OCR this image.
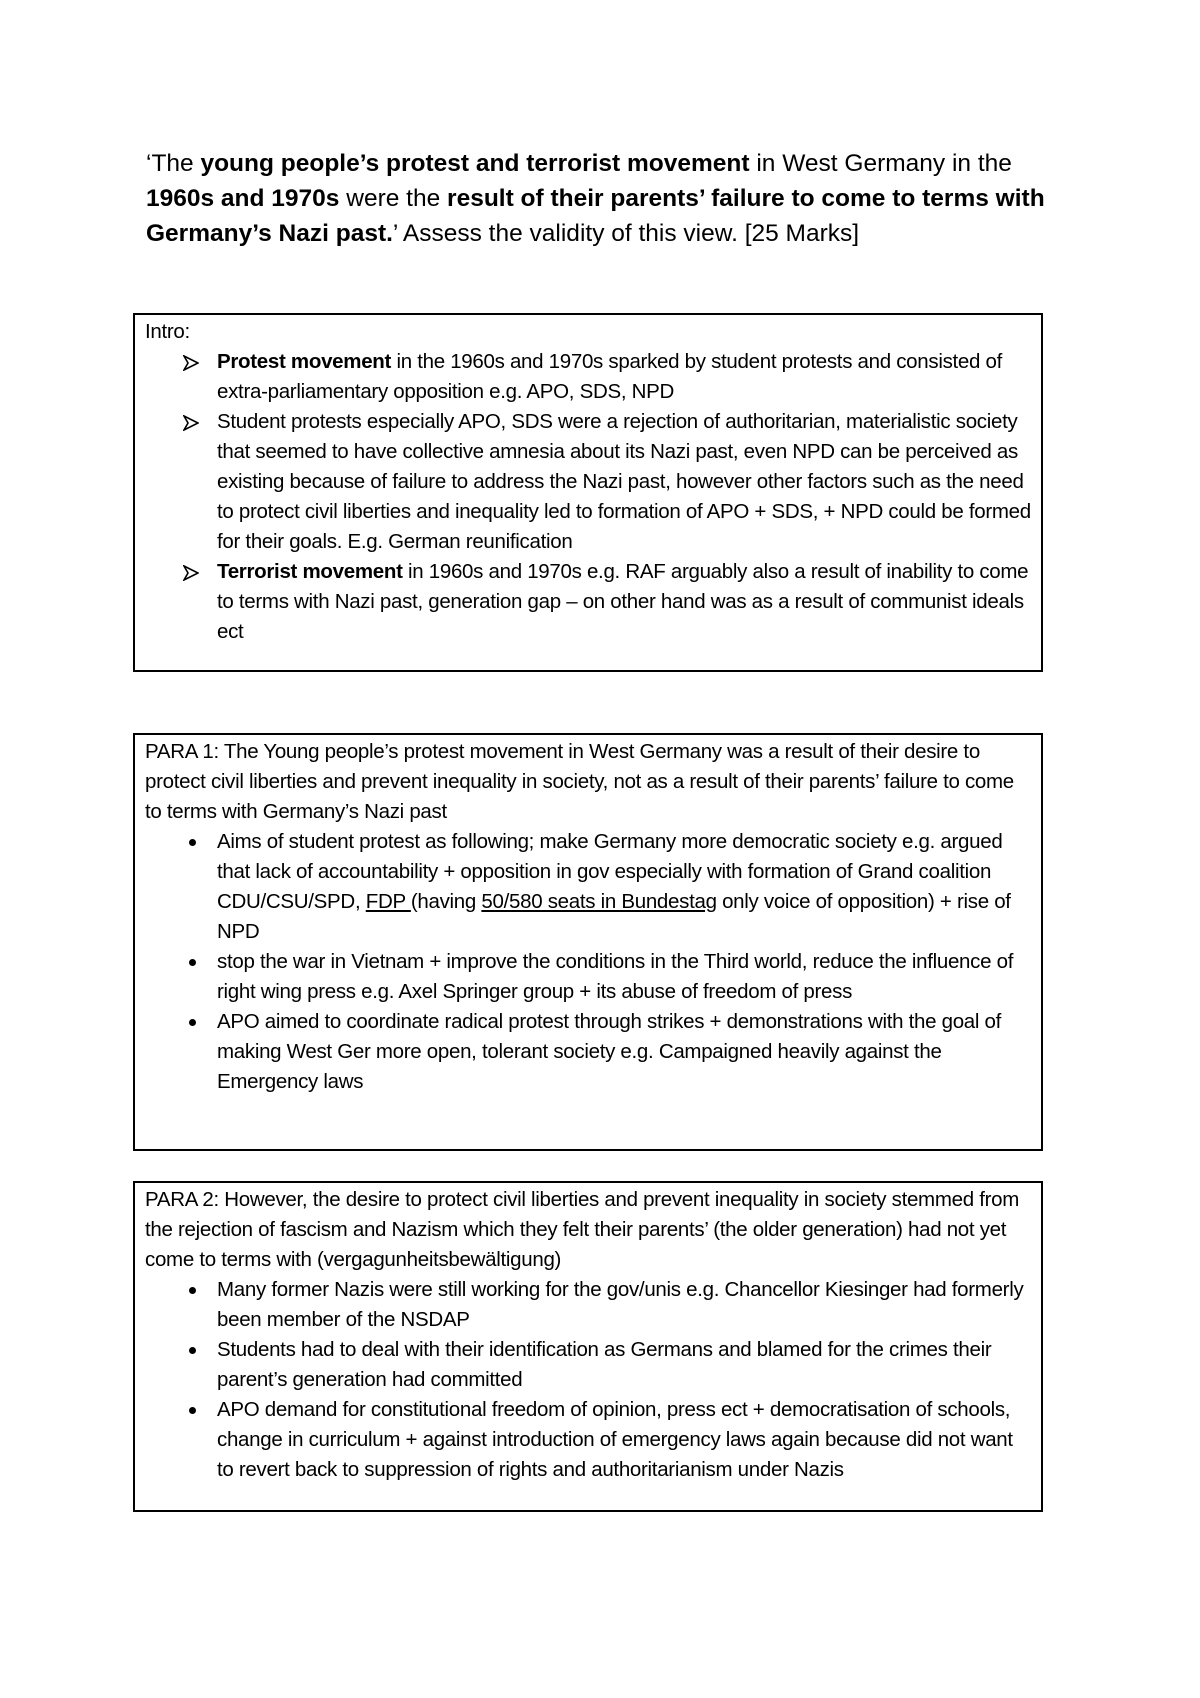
‘The young people’s protest and terrorist movement in West Germany in the 1960s and 1970s were the result of their parents’ failure to come to terms with Germany’s Nazi past.’ Assess the validity of this view. [25 Marks]

Intro:

Protest movement in the 1960s and 1970s sparked by student protests and consisted of extra-parliamentary opposition e.g. APO, SDS, NPD
Student protests especially APO, SDS were a rejection of authoritarian, materialistic society that seemed to have collective amnesia about its Nazi past, even NPD can be perceived as existing because of failure to address the Nazi past, however other factors such as the need to protect civil liberties and inequality led to formation of APO + SDS, + NPD could be formed for their goals. E.g. German reunification
Terrorist movement in 1960s and 1970s e.g. RAF arguably also a result of inability to come to terms with Nazi past, generation gap – on other hand was as a result of communist ideals ect

PARA 1: The Young people’s protest movement in West Germany was a result of their desire to protect civil liberties and prevent inequality in society, not as a result of their parents’ failure to come to terms with Germany’s Nazi past

Aims of student protest as following; make Germany more democratic society e.g. argued that lack of accountability + opposition in gov especially with formation of Grand coalition CDU/CSU/SPD, FDP (having 50/580 seats in Bundestag only voice of opposition) + rise of NPD
stop the war in Vietnam + improve the conditions in the Third world, reduce the influence of right wing press e.g. Axel Springer group + its abuse of freedom of press
APO aimed to coordinate radical protest through strikes + demonstrations with the goal of making West Ger more open, tolerant society e.g. Campaigned heavily against the Emergency laws

PARA 2: However, the desire to protect civil liberties and prevent inequality in society stemmed from the rejection of fascism and Nazism which they felt their parents’ (the older generation) had not yet come to terms with (vergagunheitsbewältigung)

Many former Nazis were still working for the gov/unis e.g. Chancellor Kiesinger had formerly been member of the NSDAP
Students had to deal with their identification as Germans and blamed for the crimes their parent’s generation had committed
APO demand for constitutional freedom of opinion, press ect + democratisation of schools, change in curriculum + against introduction of emergency laws again because did not want to revert back to suppression of rights and authoritarianism under Nazis
